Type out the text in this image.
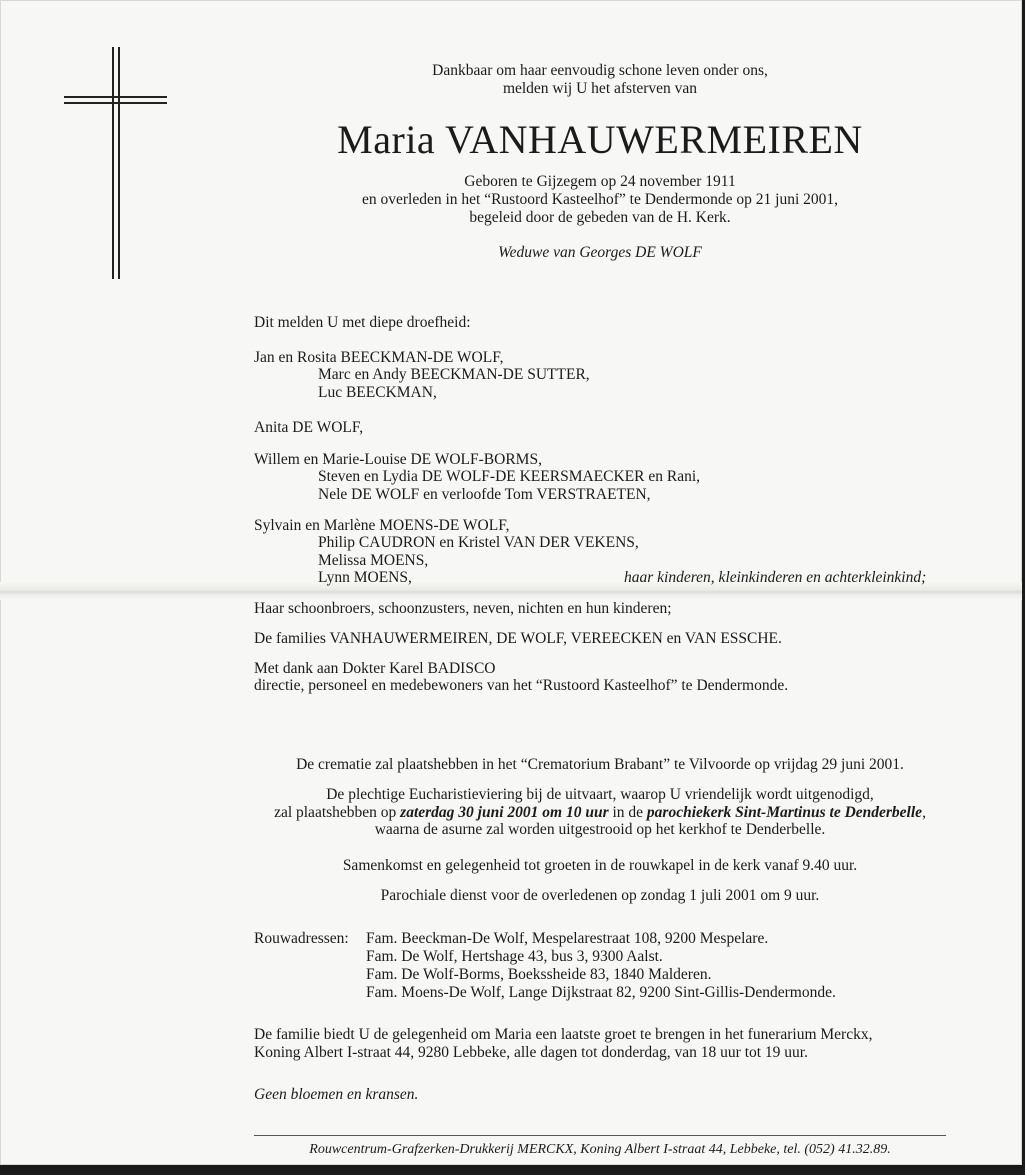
Dankbaar om haar eenvoudig schone leven onder ons,
melden wij U het afsterven van
Maria VANHAUWERMEIREN
Geboren te Gijzegem op 24 november 1911
en overleden in het “Rustoord Kasteelhof” te Dendermonde op 21 juni 2001,
begeleid door de gebeden van de H. Kerk.
Weduwe van Georges DE WOLF
Dit melden U met diepe droefheid:
Jan en Rosita BEECKMAN-DE WOLF,
Marc en Andy BEECKMAN-DE SUTTER,
Luc BEECKMAN,
Anita DE WOLF,
Willem en Marie-Louise DE WOLF-BORMS,
Steven en Lydia DE WOLF-DE KEERSMAECKER en Rani,
Nele DE WOLF en verloofde Tom VERSTRAETEN,
Sylvain en Marlène MOENS-DE WOLF,
Philip CAUDRON en Kristel VAN DER VEKENS,
Melissa MOENS,
Lynn MOENS,	haar kinderen, kleinkinderen en achterkleinkind;
Haar schoonbroers, schoonzusters, neven, nichten en hun kinderen;
De families VANHAUWERMEIREN, DE WOLF, VEREECKEN en VAN ESSCHE.
Met dank aan Dokter Karel BADISCO
directie, personeel en medebewoners van het “Rustoord Kasteelhof” te Dendermonde.
De crematie zal plaatshebben in het “Crematorium Brabant” te Vilvoorde op vrijdag 29 juni 2001.
De plechtige Eucharistieviering bij de uitvaart, waarop U vriendelijk wordt uitgenodigd,
zal plaatshebben op zaterdag 30 juni 2001 om 10 uur in de parochiekerk Sint-Martinus te Denderbelle,
waarna de asurne zal worden uitgestrooid op het kerkhof te Denderbelle.
Samenkomst en gelegenheid tot groeten in de rouwkapel in de kerk vanaf 9.40 uur.
Parochiale dienst voor de overledenen op zondag 1 juli 2001 om 9 uur.
Rouwadressen: Fam. Beeckman-De Wolf, Mespelarestraat 108, 9200 Mespelare.
Fam. De Wolf, Hertshage 43, bus 3, 9300 Aalst.
Fam. De Wolf-Borms, Boekssheide 83, 1840 Malderen.
Fam. Moens-De Wolf, Lange Dijkstraat 82, 9200 Sint-Gillis-Dendermonde.
De familie biedt U de gelegenheid om Maria een laatste groet te brengen in het funerarium Merckx,
Koning Albert I-straat 44, 9280 Lebbeke, alle dagen tot donderdag, van 18 uur tot 19 uur.
Geen bloemen en kransen.
Rouwcentrum-Grafzerken-Drukkerij MERCKX, Koning Albert I-straat 44, Lebbeke, tel. (052) 41.32.89.
